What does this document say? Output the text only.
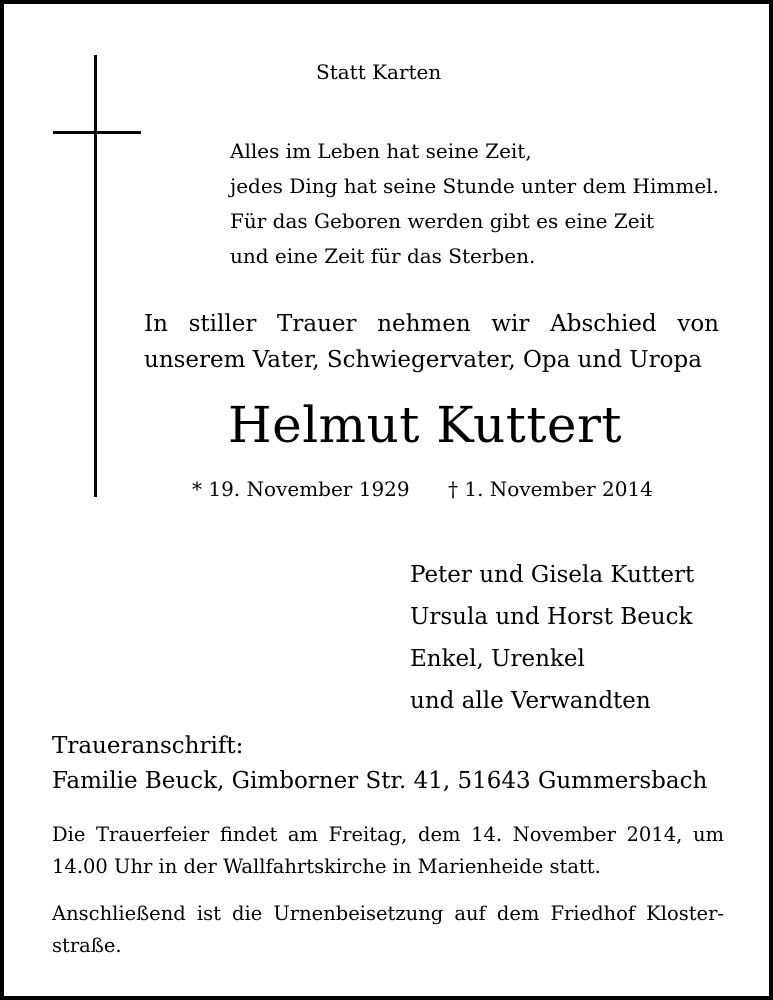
Statt Karten
Alles im Leben hat seine Zeit,
jedes Ding hat seine Stunde unter dem Himmel.
Für das Geboren werden gibt es eine Zeit
und eine Zeit für das Sterben.
In stiller Trauer nehmen wir Abschied von
unserem Vater, Schwiegervater, Opa und Uropa
Helmut Kuttert
* 19. November 1929 † 1. November 2014
Peter und Gisela Kuttert
Ursula und Horst Beuck
Enkel, Urenkel
und alle Verwandten
Traueranschrift:
Familie Beuck, Gimborner Str. 41, 51643 Gummersbach
Die Trauerfeier findet am Freitag, dem 14. November 2014, um
14.00 Uhr in der Wallfahrtskirche in Marienheide statt.
Anschließend ist die Urnenbeisetzung auf dem Friedhof Kloster-
straße.
